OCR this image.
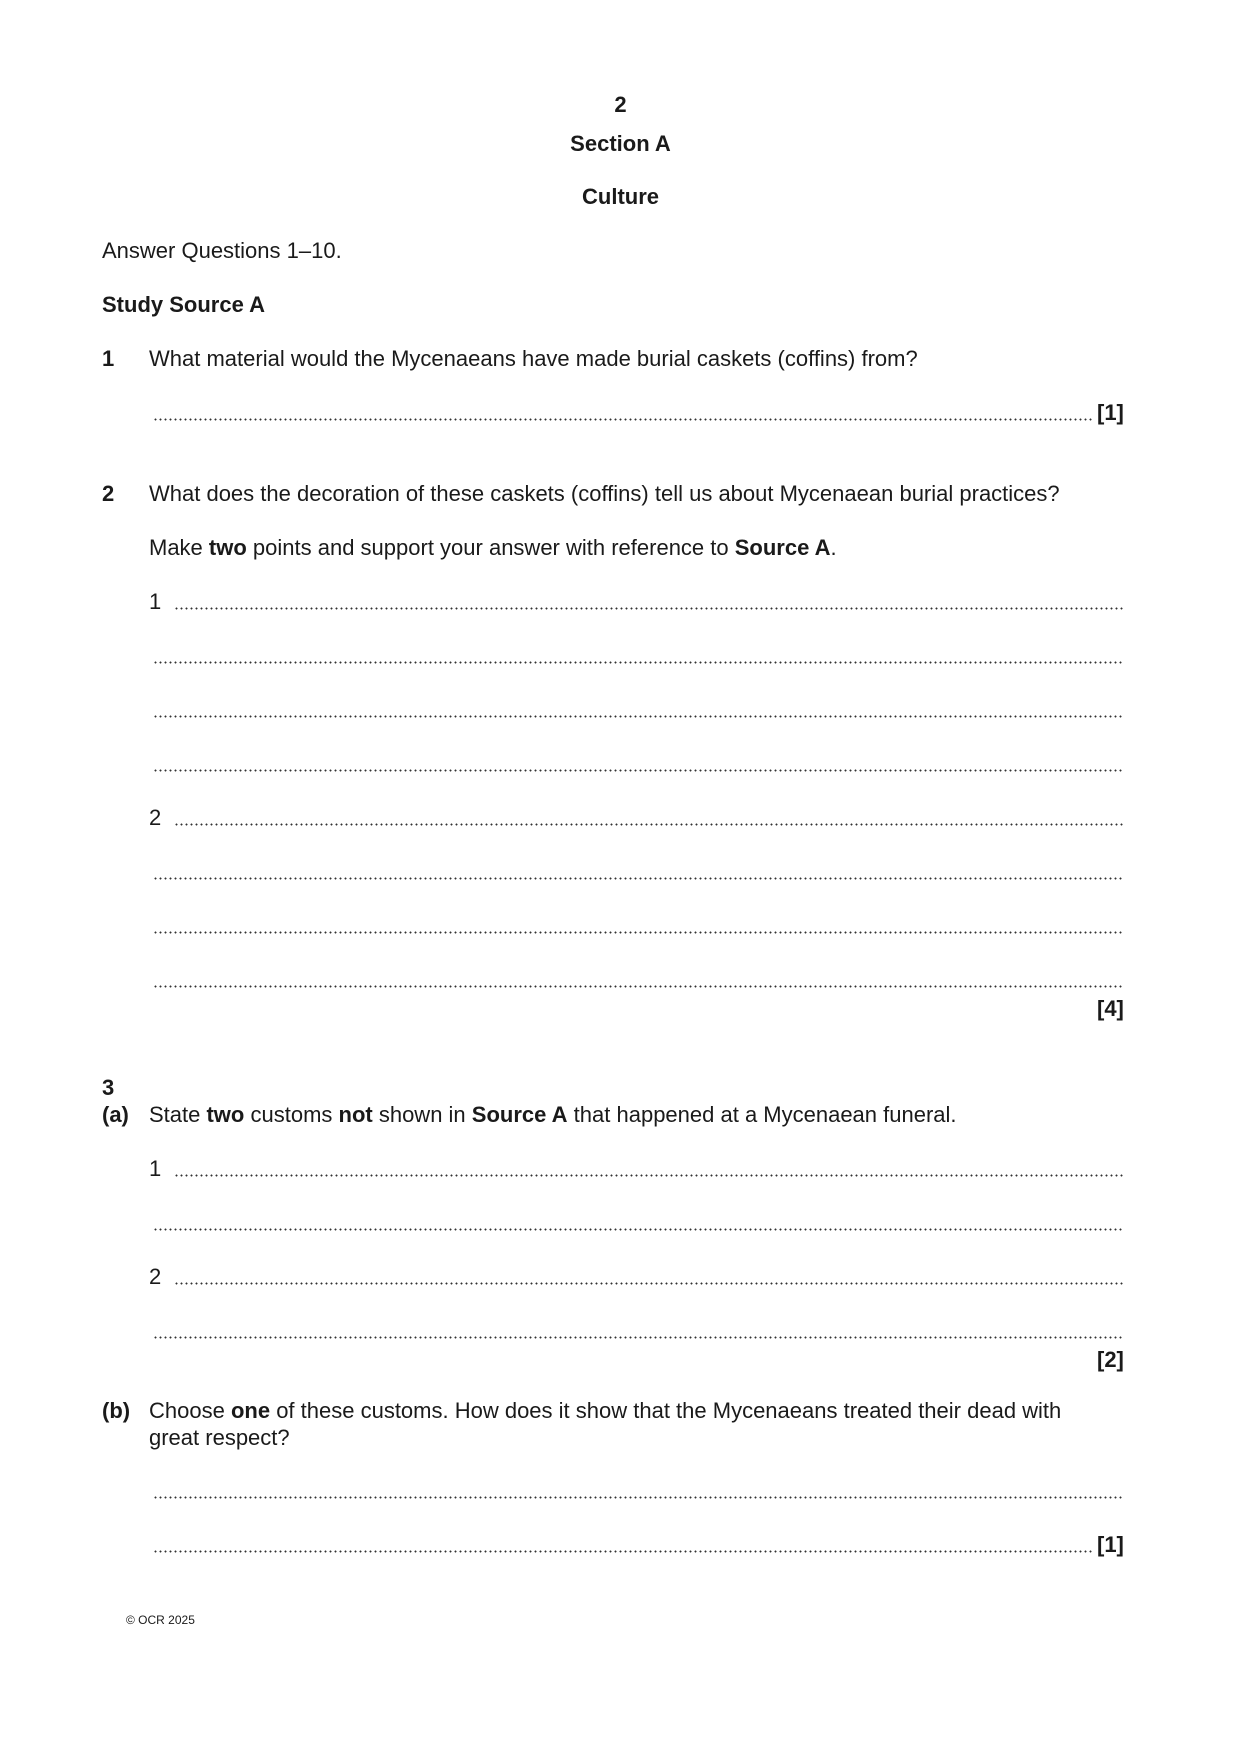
2
Section A
Culture
Answer Questions 1–10.
Study Source A
1 What material would the Mycenaeans have made burial caskets (coffins) from?
[1]
2 What does the decoration of these caskets (coffins) tell us about Mycenaean burial practices?
Make two points and support your answer with reference to Source A.
1
2
[4]
3
(a) State two customs not shown in Source A that happened at a Mycenaean funeral.
1
2
[2]
(b) Choose one of these customs. How does it show that the Mycenaeans treated their dead with
great respect?
[1]
© OCR 2025
